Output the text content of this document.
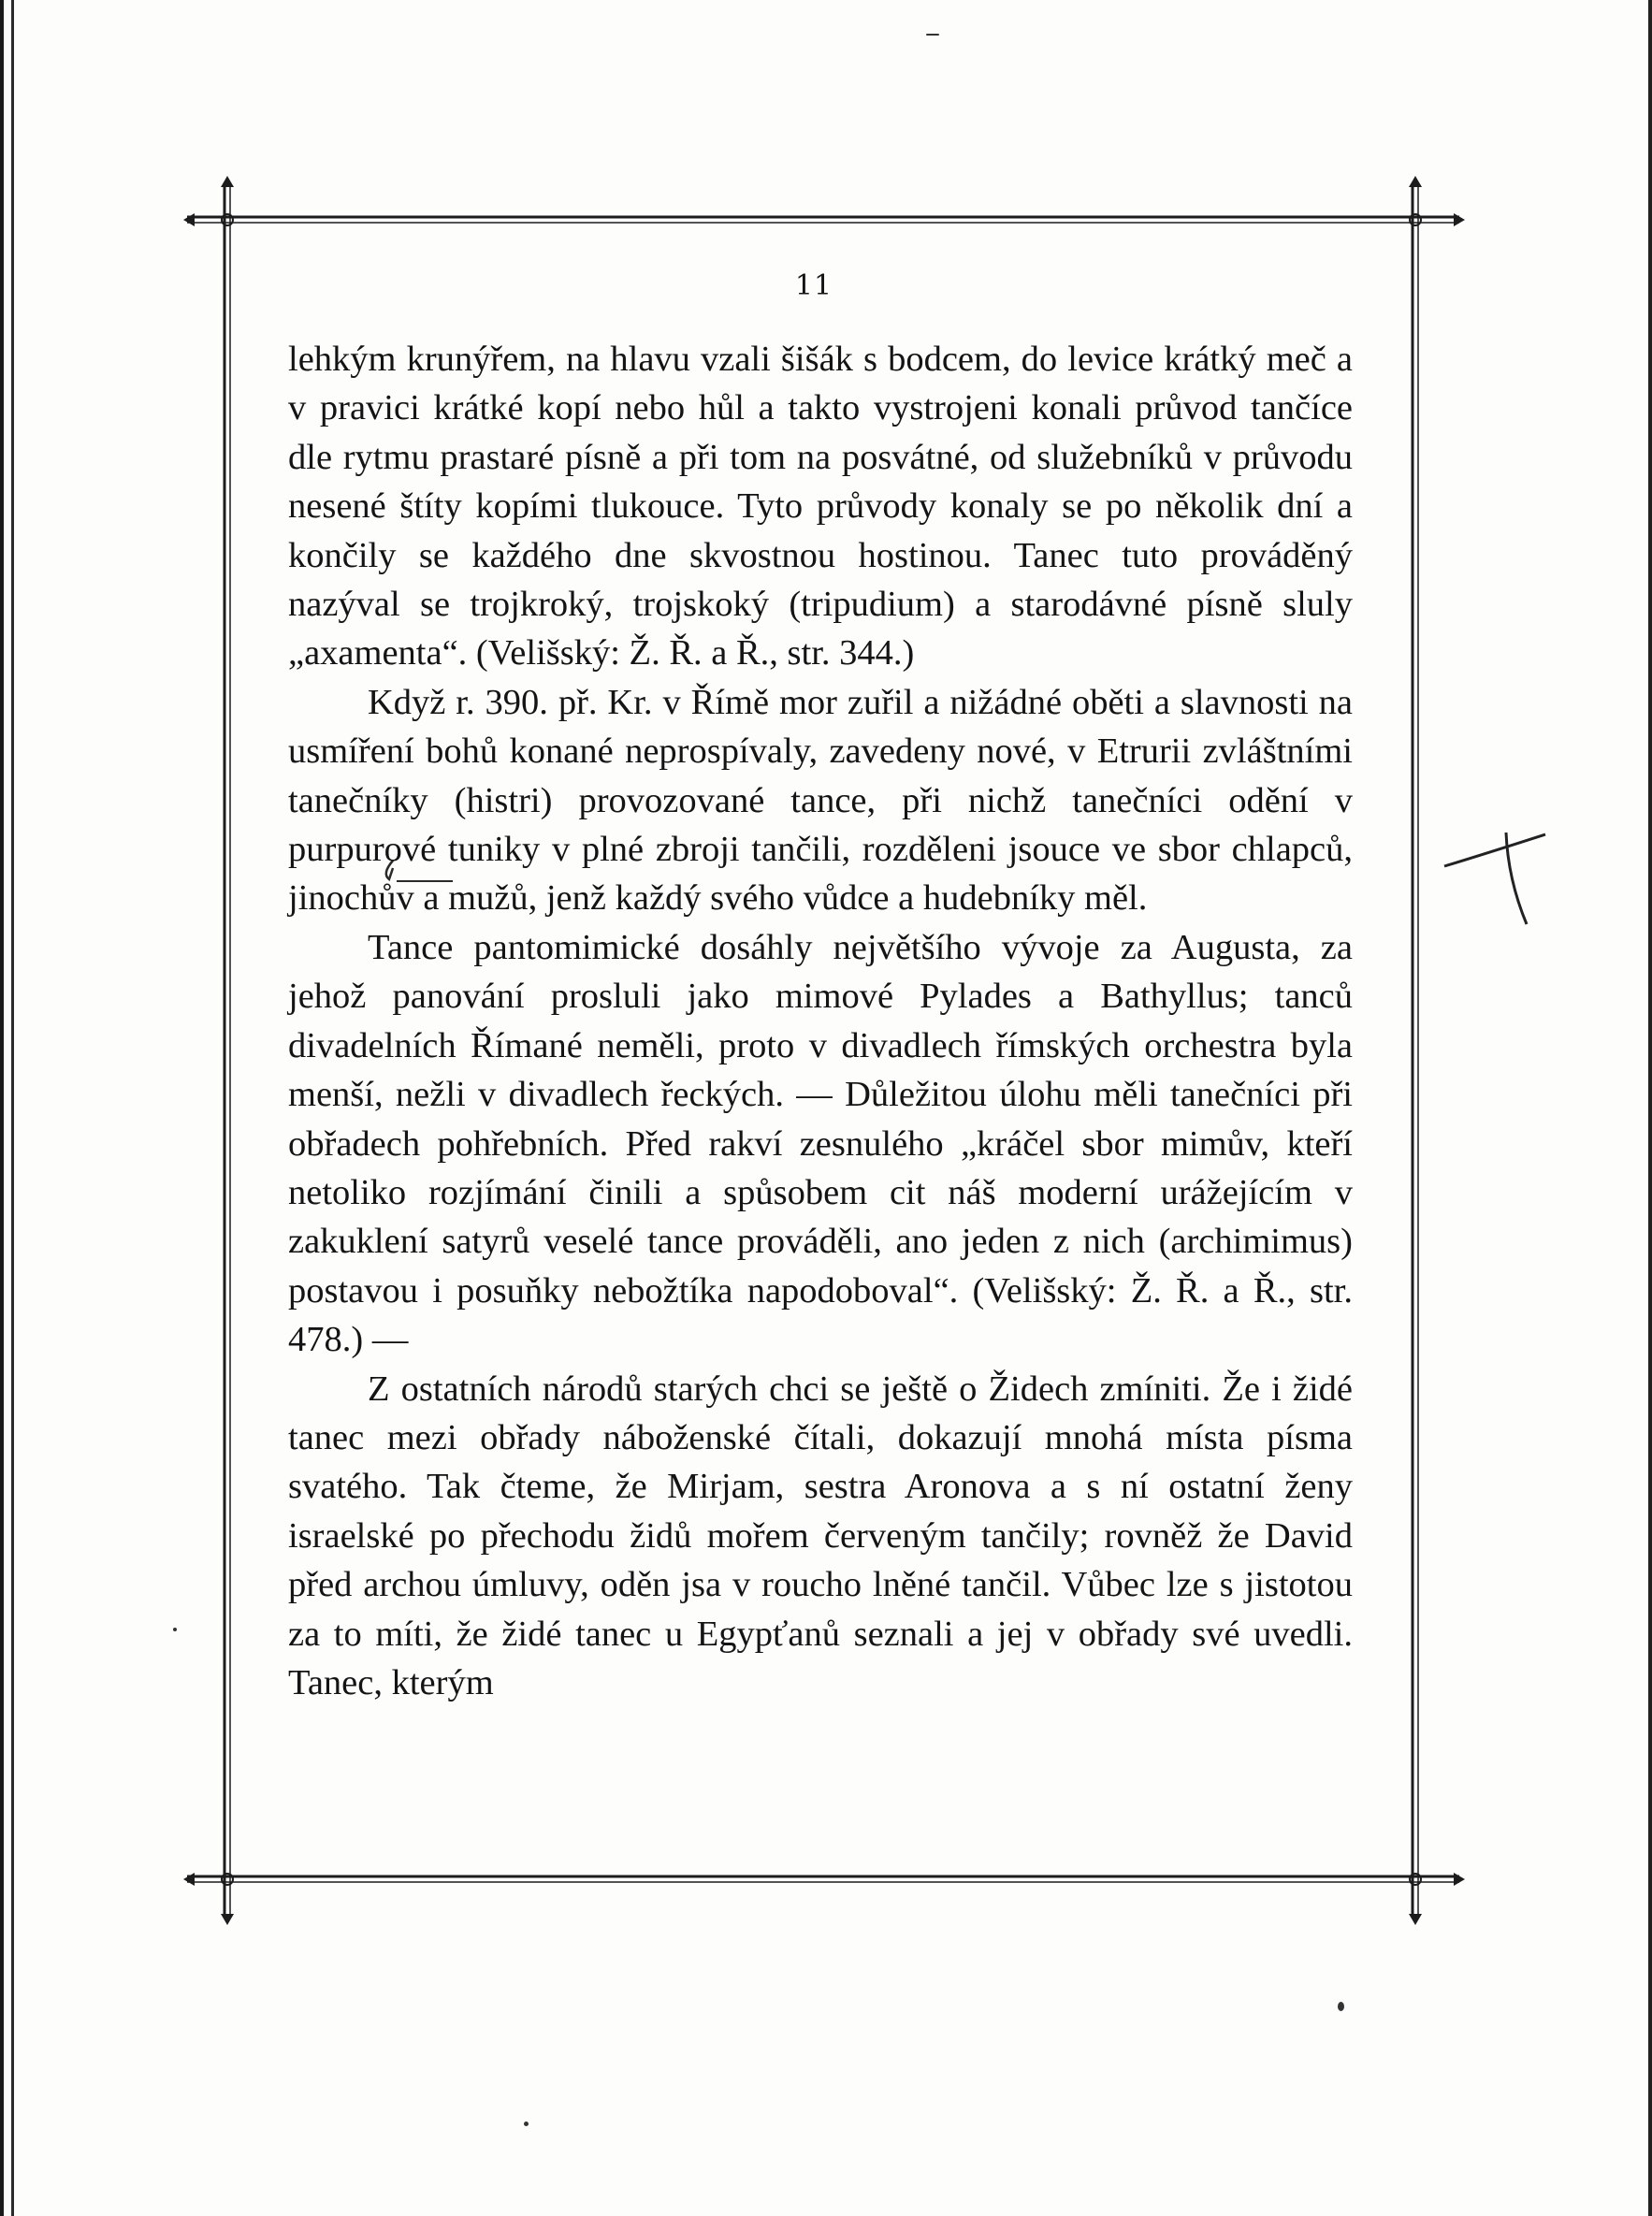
11

lehkým krunýřem, na hlavu vzali šišák s bodcem, do levice krátký meč a v pravici krátké kopí nebo hůl a takto vystrojeni konali průvod tančíce dle rytmu prastaré písně a při tom na posvátné, od služebníků v průvodu nesené štíty kopími tlukouce. Tyto průvody konaly se po několik dní a končily se každého dne skvostnou hostinou. Tanec tuto prováděný nazýval se trojkroký, trojskoký (tripudium) a starodávné písně sluly „axamenta“. (Velišský: Ž. Ř. a Ř., str. 344.)

Když r. 390. př. Kr. v Římě mor zuřil a nižádné oběti a slavnosti na usmíření bohů konané neprospívaly, zavedeny nové, v Etrurii zvláštními tanečníky (histri) provozované tance, při nichž tanečníci odění v purpurové tuniky v plné zbroji tančili, rozděleni jsouce ve sbor chlapců, jinochův a mužů, jenž každý svého vůdce a hudebníky měl.

Tance pantomimické dosáhly největšího vývoje za Augusta, za jehož panování prosluli jako mimové Pylades a Bathyllus; tanců divadelních Římané neměli, proto v divadlech římských orchestra byla menší, nežli v divadlech řeckých. — Důležitou úlohu měli tanečníci při obřadech pohřebních. Před rakví zesnulého „kráčel sbor mimův, kteří netoliko rozjímání činili a spůsobem cit náš moderní urážejícím v zakuklení satyrů veselé tance prováděli, ano jeden z nich (archimimus) postavou i posuňky nebožtíka napodoboval“. (Velišský: Ž. Ř. a Ř., str. 478.) —

Z ostatních národů starých chci se ještě o Židech zmíniti. Že i židé tanec mezi obřady náboženské čítali, dokazují mnohá místa písma svatého. Tak čteme, že Mirjam, sestra Aronova a s ní ostatní ženy israelské po přechodu židů mořem červeným tančily; rovněž že David před archou úmluvy, oděn jsa v roucho lněné tančil. Vůbec lze s jistotou za to míti, že židé tanec u Egypťanů seznali a jej v obřady své uvedli. Tanec, kterým
